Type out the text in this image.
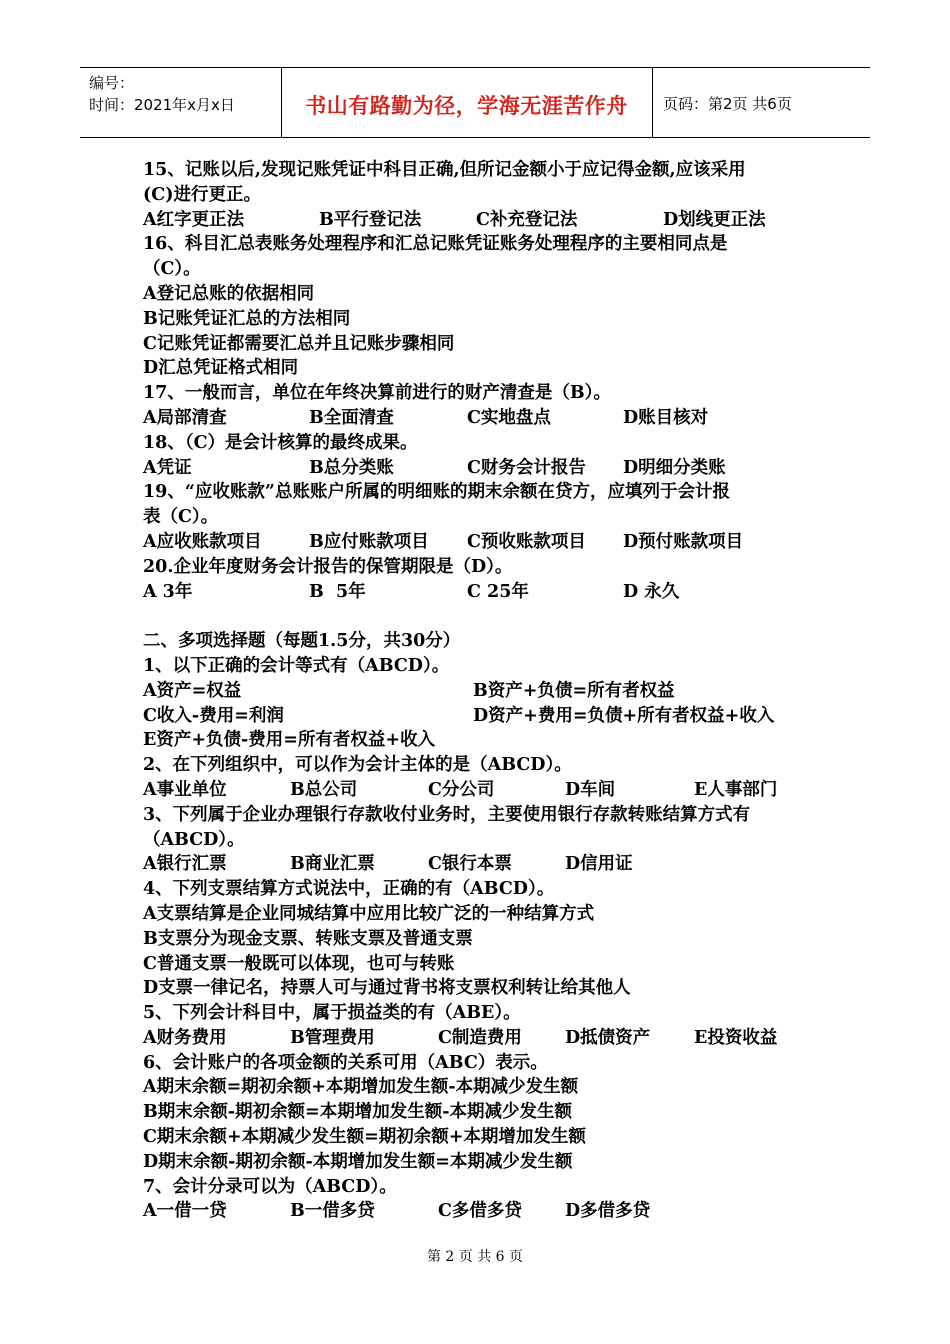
编号：
时间：2021年x月x日	书山有路勤为径，学海无涯苦作舟	页码：第2页 共6页
15、记账以后,发现记账凭证中科目正确,但所记金额小于应记得金额,应该采用
(C)进行更正。
A红字更正法	B平行登记法	C补充登记法	D划线更正法
16、科目汇总表账务处理程序和汇总记账凭证账务处理程序的主要相同点是
（C）。
A登记总账的依据相同
B记账凭证汇总的方法相同
C记账凭证都需要汇总并且记账步骤相同
D汇总凭证格式相同
17、一般而言，单位在年终决算前进行的财产清查是（B）。
A局部清查	B全面清查	C实地盘点	D账目核对
18、（C）是会计核算的最终成果。
A凭证	B总分类账	C财务会计报告 D明细分类账
19、“应收账款”总账账户所属的明细账的期末余额在贷方，应填列于会计报
表（C）。
A应收账款项目	B应付账款项目 C预收账款项目 D预付账款项目
20.企业年度财务会计报告的保管期限是（D）。
A 3年	B  5年	C 25年	D 永久
二、多项选择题（每题1.5分，共30分）
1、以下正确的会计等式有（ABCD）。
A资产=权益	B资产+负债=所有者权益
C收入-费用=利润	D资产+费用=负债+所有者权益+收入
E资产+负债-费用=所有者权益+收入
2、在下列组织中，可以作为会计主体的是（ABCD）。
A事业单位	B总公司	C分公司	D车间	E人事部门
3、下列属于企业办理银行存款收付业务时，主要使用银行存款转账结算方式有
（ABCD）。
A银行汇票	B商业汇票	C银行本票	D信用证
4、下列支票结算方式说法中，正确的有（ABCD）。
A支票结算是企业同城结算中应用比较广泛的一种结算方式
B支票分为现金支票、转账支票及普通支票
C普通支票一般既可以体现，也可与转账
D支票一律记名，持票人可与通过背书将支票权利转让给其他人
5、下列会计科目中，属于损益类的有（ABE）。
A财务费用	B管理费用	C制造费用 D抵债资产	E投资收益
6、会计账户的各项金额的关系可用（ABC）表示。
A期末余额=期初余额+本期增加发生额-本期减少发生额
B期末余额-期初余额=本期增加发生额-本期减少发生额
C期末余额+本期减少发生额=期初余额+本期增加发生额
D期末余额-期初余额-本期增加发生额=本期减少发生额
7、会计分录可以为（ABCD）。
A一借一贷	B一借多贷	C多借多贷 D多借多贷
第 2 页 共 6 页
